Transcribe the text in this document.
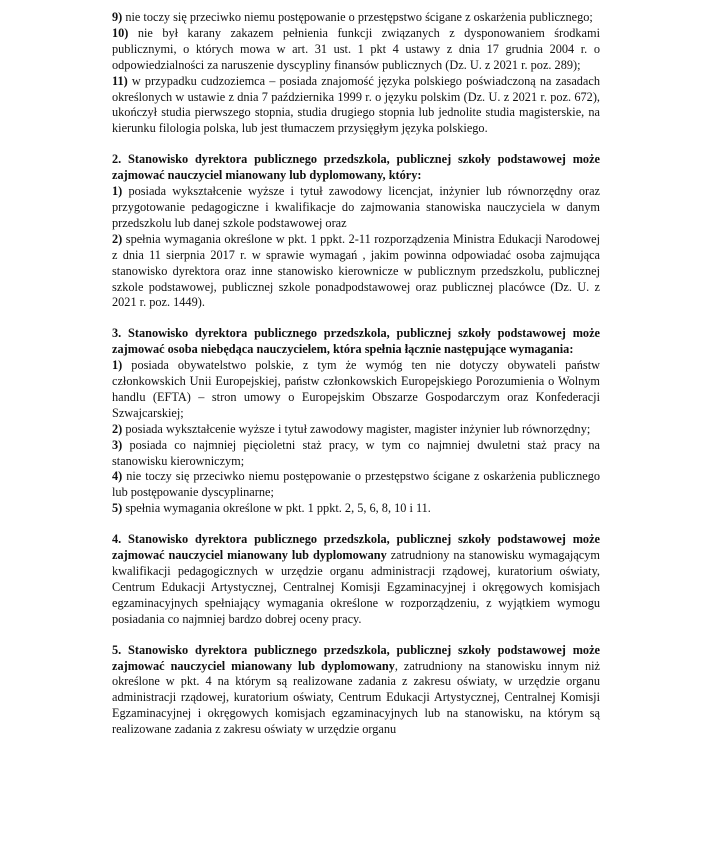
9) nie toczy się przeciwko niemu postępowanie o przestępstwo ścigane z oskarżenia publicznego;

10) nie był karany zakazem pełnienia funkcji związanych z dysponowaniem środkami publicznymi, o których mowa w art. 31 ust. 1 pkt 4 ustawy z dnia 17 grudnia 2004 r. o odpowiedzialności za naruszenie dyscypliny finansów publicznych (Dz. U. z 2021 r. poz. 289);

11) w przypadku cudzoziemca – posiada znajomość języka polskiego poświadczoną na zasadach określonych w ustawie z dnia 7 października 1999 r. o języku polskim (Dz. U. z 2021 r. poz. 672), ukończył studia pierwszego stopnia, studia drugiego stopnia lub jednolite studia magisterskie, na kierunku filologia polska, lub jest tłumaczem przysięgłym języka polskiego.

2. Stanowisko dyrektora publicznego przedszkola, publicznej szkoły podstawowej może zajmować nauczyciel mianowany lub dyplomowany, który:

1) posiada wykształcenie wyższe i tytuł zawodowy licencjat, inżynier lub równorzędny oraz przygotowanie pedagogiczne i kwalifikacje do zajmowania stanowiska nauczyciela w danym przedszkolu lub danej szkole podstawowej oraz

2) spełnia wymagania określone w pkt. 1 ppkt. 2-11 rozporządzenia Ministra Edukacji Narodowej z dnia 11 sierpnia 2017 r. w sprawie wymagań , jakim powinna odpowiadać osoba zajmująca stanowisko dyrektora oraz inne stanowisko kierownicze w publicznym przedszkolu, publicznej szkole podstawowej, publicznej szkole ponadpodstawowej oraz publicznej placówce (Dz. U. z 2021 r. poz. 1449).

3. Stanowisko dyrektora publicznego przedszkola, publicznej szkoły podstawowej może zajmować osoba niebędąca nauczycielem, która spełnia łącznie następujące wymagania:

1) posiada obywatelstwo polskie, z tym że wymóg ten nie dotyczy obywateli państw członkowskich Unii Europejskiej, państw członkowskich Europejskiego Porozumienia o Wolnym handlu (EFTA) – stron umowy o Europejskim Obszarze Gospodarczym oraz Konfederacji Szwajcarskiej;

2) posiada wykształcenie wyższe i tytuł zawodowy magister, magister inżynier lub równorzędny;

3) posiada co najmniej pięcioletni staż pracy, w tym co najmniej dwuletni staż pracy na stanowisku kierowniczym;

4) nie toczy się przeciwko niemu postępowanie o przestępstwo ścigane z oskarżenia publicznego lub postępowanie dyscyplinarne;

5) spełnia wymagania określone w pkt. 1 ppkt. 2, 5, 6, 8, 10 i 11.

4. Stanowisko dyrektora publicznego przedszkola, publicznej szkoły podstawowej może zajmować nauczyciel mianowany lub dyplomowany zatrudniony na stanowisku wymagającym kwalifikacji pedagogicznych w urzędzie organu administracji rządowej, kuratorium oświaty, Centrum Edukacji Artystycznej, Centralnej Komisji Egzaminacyjnej i okręgowych komisjach egzaminacyjnych spełniający wymagania określone w rozporządzeniu, z wyjątkiem wymogu posiadania co najmniej bardzo dobrej oceny pracy.

5. Stanowisko dyrektora publicznego przedszkola, publicznej szkoły podstawowej może zajmować nauczyciel mianowany lub dyplomowany, zatrudniony na stanowisku innym niż określone w pkt. 4 na którym są realizowane zadania z zakresu oświaty, w urzędzie organu administracji rządowej, kuratorium oświaty, Centrum Edukacji Artystycznej, Centralnej Komisji Egzaminacyjnej i okręgowych komisjach egzaminacyjnych lub na stanowisku, na którym są realizowane zadania z zakresu oświaty w urzędzie organu
